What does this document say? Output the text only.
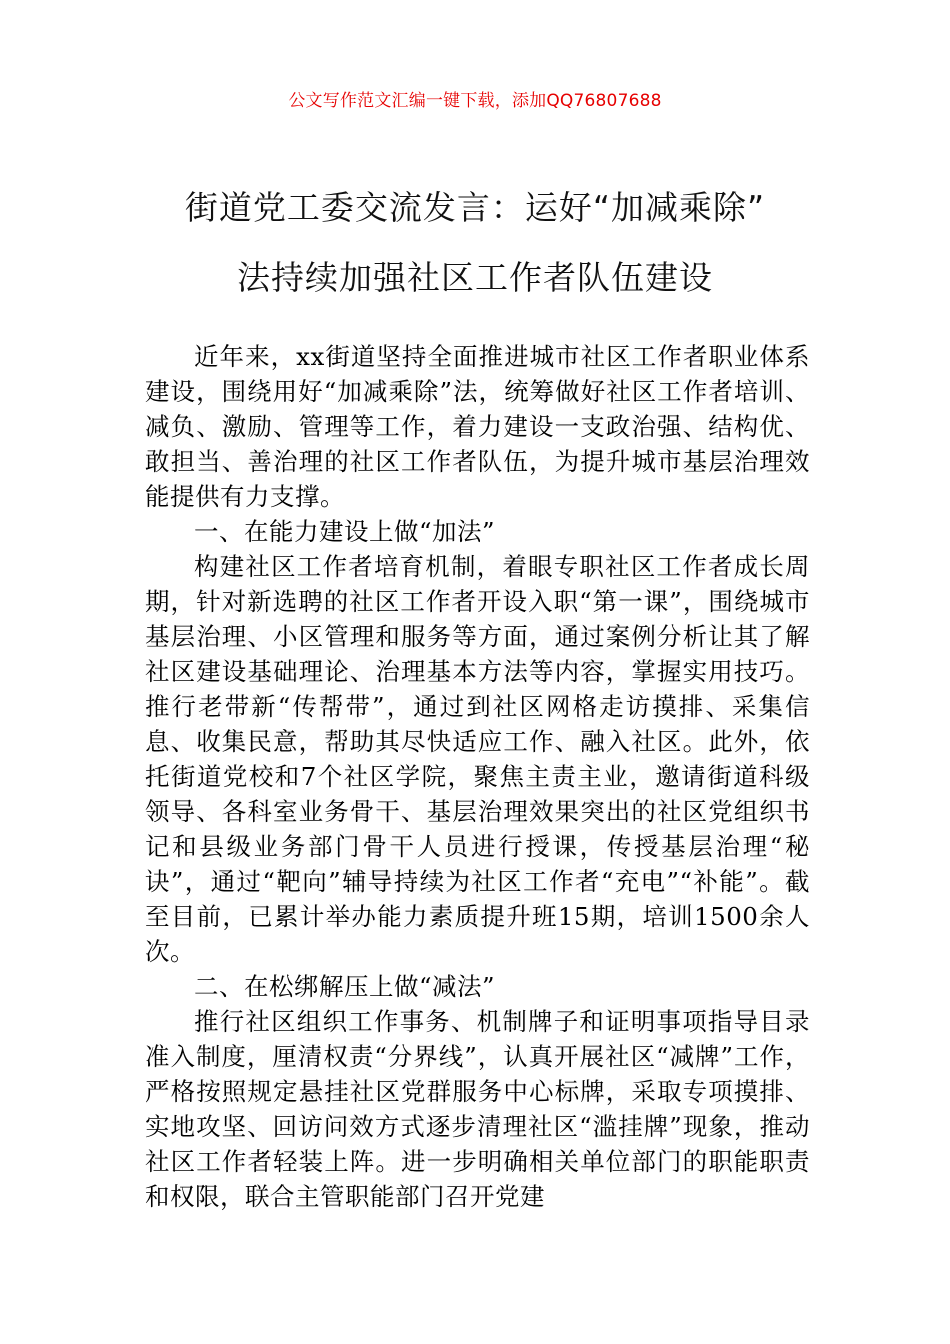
公文写作范文汇编一键下载，添加QQ76807688
街道党工委交流发言：运好“加减乘除”
法持续加强社区工作者队伍建设

近年来，xx街道坚持全面推进城市社区工作者职业体系建设，围绕用好“加减乘除”法，统筹做好社区工作者培训、减负、激励、管理等工作，着力建设一支政治强、结构优、敢担当、善治理的社区工作者队伍，为提升城市基层治理效能提供有力支撑。

一、在能力建设上做“加法”

构建社区工作者培育机制，着眼专职社区工作者成长周期，针对新选聘的社区工作者开设入职“第一课”，围绕城市基层治理、小区管理和服务等方面，通过案例分析让其了解社区建设基础理论、治理基本方法等内容，掌握实用技巧。推行老带新“传帮带”，通过到社区网格走访摸排、采集信息、收集民意，帮助其尽快适应工作、融入社区。此外，依托街道党校和7个社区学院，聚焦主责主业，邀请街道科级领导、各科室业务骨干、基层治理效果突出的社区党组织书记和县级业务部门骨干人员进行授课，传授基层治理“秘诀”，通过“靶向”辅导持续为社区工作者“充电”“补能”。截至目前，已累计举办能力素质提升班15期，培训1500余人次。

二、在松绑解压上做“减法”

推行社区组织工作事务、机制牌子和证明事项指导目录准入制度，厘清权责“分界线”，认真开展社区“减牌”工作，严格按照规定悬挂社区党群服务中心标牌，采取专项摸排、实地攻坚、回访问效方式逐步清理社区“滥挂牌”现象，推动社区工作者轻装上阵。进一步明确相关单位部门的职能职责和权限，联合主管职能部门召开党建
